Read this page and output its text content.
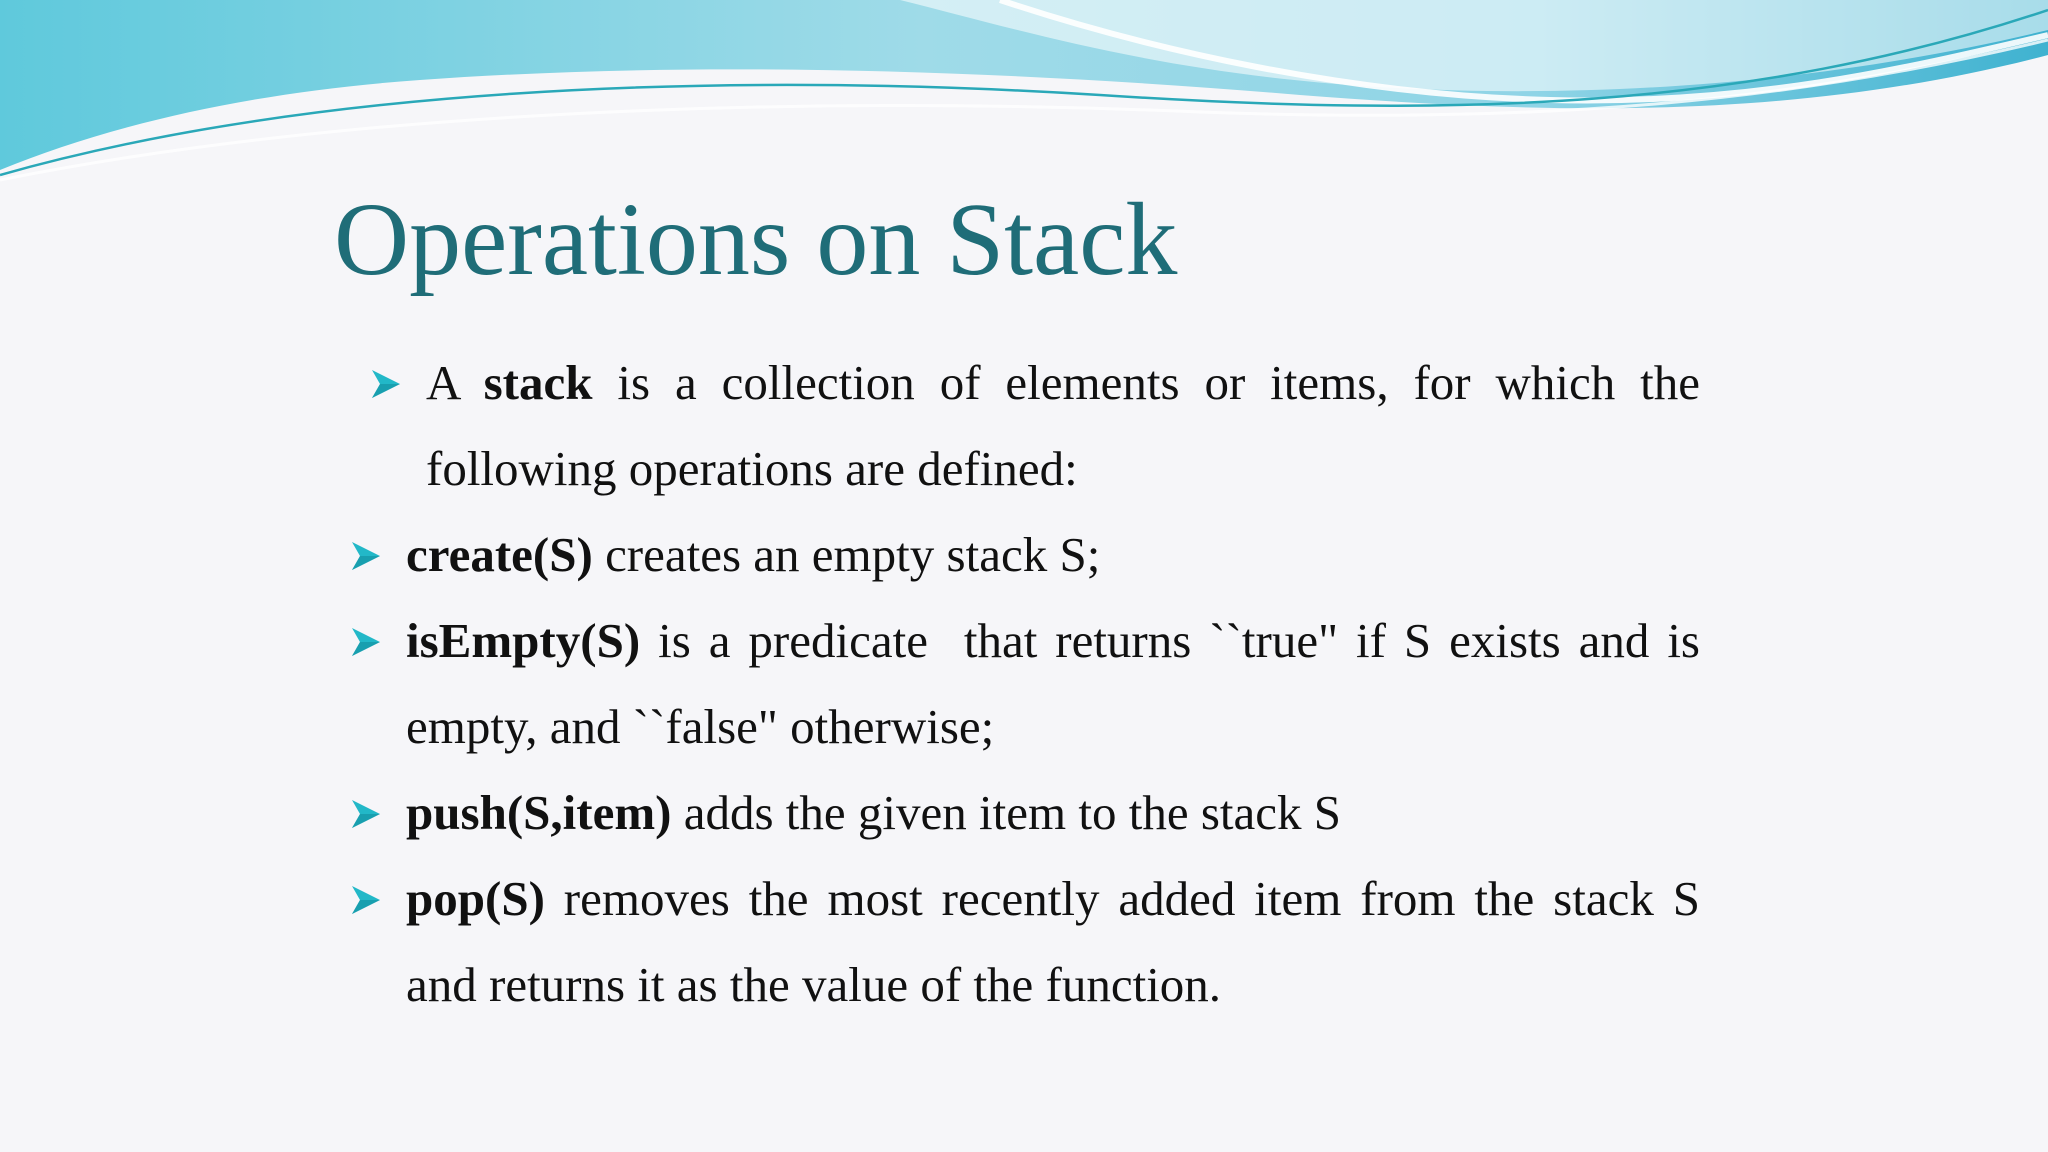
Operations on Stack
A stack is a collection of elements or items, for which the following operations are defined:
create(S) creates an empty stack S;
isEmpty(S) is a predicate  that returns ``true" if S exists and is empty, and ``false" otherwise;
push(S,item) adds the given item to the stack S
pop(S) removes the most recently added item from the stack S and returns it as the value of the function.
